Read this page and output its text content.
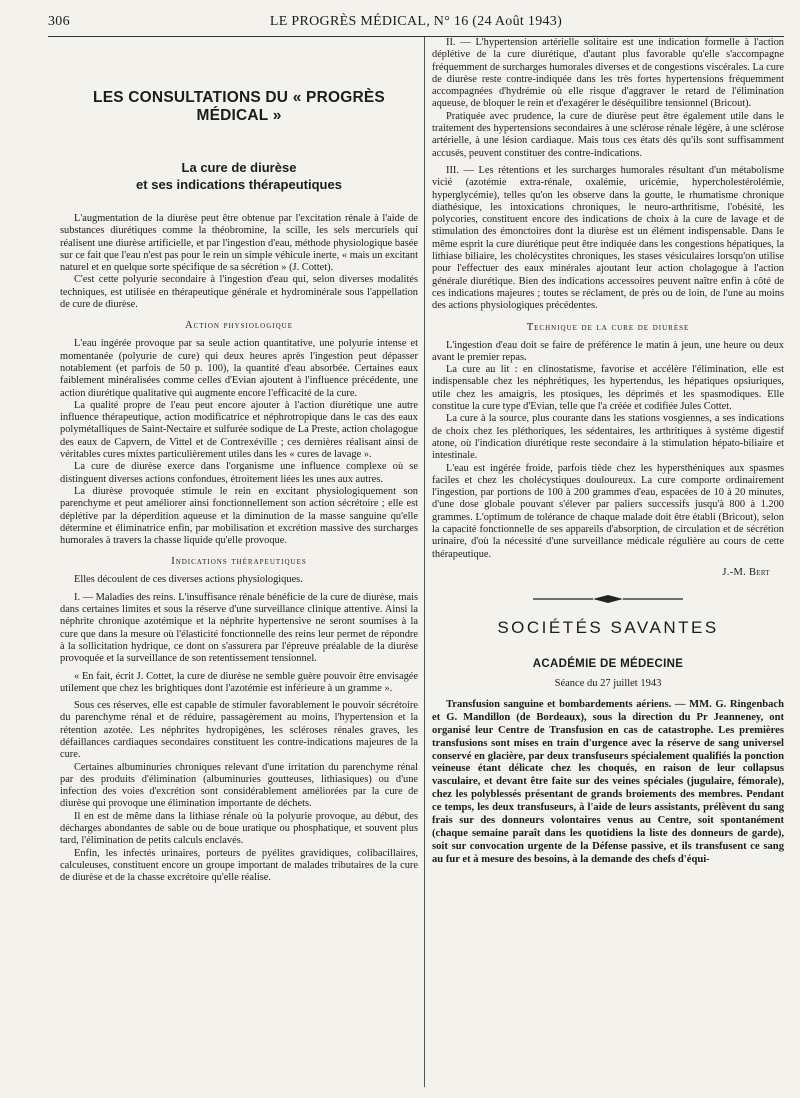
306	LE PROGRÈS MÉDICAL, N° 16 (24 Août 1943)
LES CONSULTATIONS DU « PROGRÈS MÉDICAL »
La cure de diurèse
et ses indications thérapeutiques

L'augmentation de la diurèse peut être obtenue par l'excitation rénale à l'aide de substances diurétiques comme la théobromine, la scille, les sels mercuriels qui réalisent une diurèse artificielle, et par l'ingestion d'eau, méthode physiologique basée sur ce fait que l'eau n'est pas pour le rein un simple véhicule inerte, « mais un excitant naturel et en quelque sorte spécifique de sa sécrétion » (J. Cottet).

C'est cette polyurie secondaire à l'ingestion d'eau qui, selon diverses modalités techniques, est utilisée en thérapeutique générale et hydrominérale sous l'appellation de cure de diurèse.

Action physiologique

L'eau ingérée provoque par sa seule action quantitative, une polyurie intense et momentanée (polyurie de cure) qui deux heures après l'ingestion peut dépasser notablement (et parfois de 50 p. 100), la quantité d'eau absorbée. Certaines eaux faiblement minéralisées comme celles d'Evian ajoutent à l'influence précédente, une action diurétique qualitative qui augmente encore l'efficacité de la cure.

La qualité propre de l'eau peut encore ajouter à l'action diurétique une autre influence thérapeutique, action modificatrice et néphrotropique dans le cas des eaux polymétalliques de Saint-Nectaire et sulfurée sodique de La Preste, action cholagogue des eaux de Capvern, de Vittel et de Contrexéville ; ces dernières réalisant ainsi de véritables cures mixtes particulièrement utiles dans les « cures de lavage ».

La cure de diurèse exerce dans l'organisme une influence complexe où se distinguent diverses actions confondues, étroitement liées les unes aux autres.

La diurèse provoquée stimule le rein en excitant physiologiquement son parenchyme et peut améliorer ainsi fonctionnellement son action sécrétoire ; elle est déplétive par la déperdition aqueuse et la diminution de la masse sanguine qu'elle détermine et éliminatrice enfin, par mobilisation et excrétion massive des surcharges humorales à travers la chasse liquide qu'elle provoque.

Indications thérapeutiques

Elles découlent de ces diverses actions physiologiques.

I. — Maladies des reins. L'insuffisance rénale bénéficie de la cure de diurèse, mais dans certaines limites et sous la réserve d'une surveillance clinique attentive. Ainsi la néphrite chronique azotémique et la néphrite hypertensive ne seront soumises à la cure que dans la mesure où l'élasticité fonctionnelle des reins leur permet de répondre à la sollicitation hydrique, ce dont on s'assurera par l'épreuve préalable de la diurèse provoquée et la surveillance de son retentissement tensionnel.

« En fait, écrit J. Cottet, la cure de diurèse ne semble guère pouvoir être envisagée utilement que chez les brightiques dont l'azotémie est inférieure à un gramme ».

Sous ces réserves, elle est capable de stimuler favorablement le pouvoir sécrétoire du parenchyme rénal et de réduire, passagèrement au moins, l'hypertension et la rétention azotée. Les néphrites hydropigènes, les scléroses rénales graves, les défaillances cardiaques secondaires constituent les contre-indications majeures de la cure.

Certaines albuminuries chroniques relevant d'une irritation du parenchyme rénal par des produits d'élimination (albuminuries goutteuses, lithiasiques) ou d'une infection des voies d'excrétion sont considérablement améliorées par la cure de diurèse qui provoque une élimination importante de déchets.

Il en est de même dans la lithiase rénale où la polyurie provoque, au début, des décharges abondantes de sable ou de boue uratique ou phosphatique, et souvent plus tard, l'élimination de petits calculs enclavés.

Enfin, les infectés urinaires, porteurs de pyélites gravidiques, colibacillaires, calculeuses, constituent encore un groupe important de malades tributaires de la cure de diurèse et de la chasse excrétoire qu'elle réalise.

II. — L'hypertension artérielle solitaire est une indication formelle à l'action déplétive de la cure diurétique, d'autant plus favorable qu'elle s'accompagne fréquemment de surcharges humorales diverses et de congestions viscérales. La cure de diurèse reste contre-indiquée dans les très fortes hypertensions fréquemment accompagnées d'hydrémie où elle risque d'aggraver le retard de l'élimination aqueuse, de bloquer le rein et d'exagérer le déséquilibre tensionnel (Bricout).

Pratiquée avec prudence, la cure de diurèse peut être également utile dans le traitement des hypertensions secondaires à une sclérose rénale légère, à une sclérose artérielle, à une lésion cardiaque. Mais tous ces états dès qu'ils sont suffisamment accusés, peuvent constituer des contre-indications.

III. — Les rétentions et les surcharges humorales résultant d'un métabolisme vicié (azotémie extra-rénale, oxalémie, uricémie, hypercholestérolémie, hyperglycémie), telles qu'on les observe dans la goutte, le rhumatisme chronique diathésique, les intoxications chroniques, le neuro-arthritisme, l'obésité, les polycories, constituent encore des indications de choix à la cure de lavage et de stimulation des émonctoires dont la diurèse est un élément indispensable. Dans le même esprit la cure diurétique peut être indiquée dans les congestions hépatiques, la lithiase biliaire, les cholécystites chroniques, les stases vésiculaires lorsqu'on utilise pour l'effectuer des eaux minérales ajoutant leur action cholagogue à l'action générale diurétique. Bien des indications accessoires peuvent naître enfin à côté de ces indications majeures ; toutes se réclament, de près ou de loin, de l'une au moins des actions physiologiques précédentes.

Technique de la cure de diurèse

L'ingestion d'eau doit se faire de préférence le matin à jeun, une heure ou deux avant le premier repas.

La cure au lit : en clinostatisme, favorise et accélère l'élimination, elle est indispensable chez les néphrétiques, les hypertendus, les hépatiques opsiuriques, utile chez les amaigris, les ptosiques, les déprimés et les spasmodiques. Elle constitue la cure type d'Evian, telle que l'a créée et codifiée Jules Cottet.

La cure à la source, plus courante dans les stations vosgiennes, a ses indications de choix chez les pléthoriques, les sédentaires, les arthritiques à système digestif atone, où l'indication diurétique reste secondaire à la stimulation hépato-biliaire et intestinale.

L'eau est ingérée froide, parfois tiède chez les hypersthéniques aux spasmes faciles et chez les cholécystiques douloureux. La cure comporte ordinairement l'ingestion, par portions de 100 à 200 grammes d'eau, espacées de 10 à 20 minutes, d'une dose globale pouvant s'élever par paliers successifs jusqu'à 800 à 1.200 grammes. L'optimum de tolérance de chaque malade doit être établi (Bricout), selon la capacité fonctionnelle de ses appareils d'absorption, de circulation et de sécrétion urinaire, d'où la nécessité d'une surveillance médicale régulière au cours de cette thérapeutique.

J.-M. Bert
SOCIÉTÉS SAVANTES
ACADÉMIE DE MÉDECINE
Séance du 27 juillet 1943

Transfusion sanguine et bombardements aériens. — MM. G. Ringenbach et G. Mandillon (de Bordeaux), sous la direction du Pr Jeanneney, ont organisé leur Centre de Transfusion en cas de catastrophe. Les premières transfusions sont mises en train d'urgence avec la réserve de sang universel conservé en glacière, par deux transfuseurs spécialement qualifiés la ponction veineuse étant délicate chez les choqués, en raison de leur collapsus vasculaire, et devant être faite sur des veines spéciales (jugulaire, fémorale), chez les polyblessés présentant de grands broiements des membres. Pendant ce temps, les deux transfuseurs, à l'aide de leurs assistants, prélèvent du sang frais sur des donneurs volontaires venus au Centre, soit spontanément (chaque semaine paraît dans les quotidiens la liste des donneurs de garde), soit sur convocation urgente de la Défense passive, et ils transfusent ce sang au fur et à mesure des besoins, à la demande des chefs d'équi-
